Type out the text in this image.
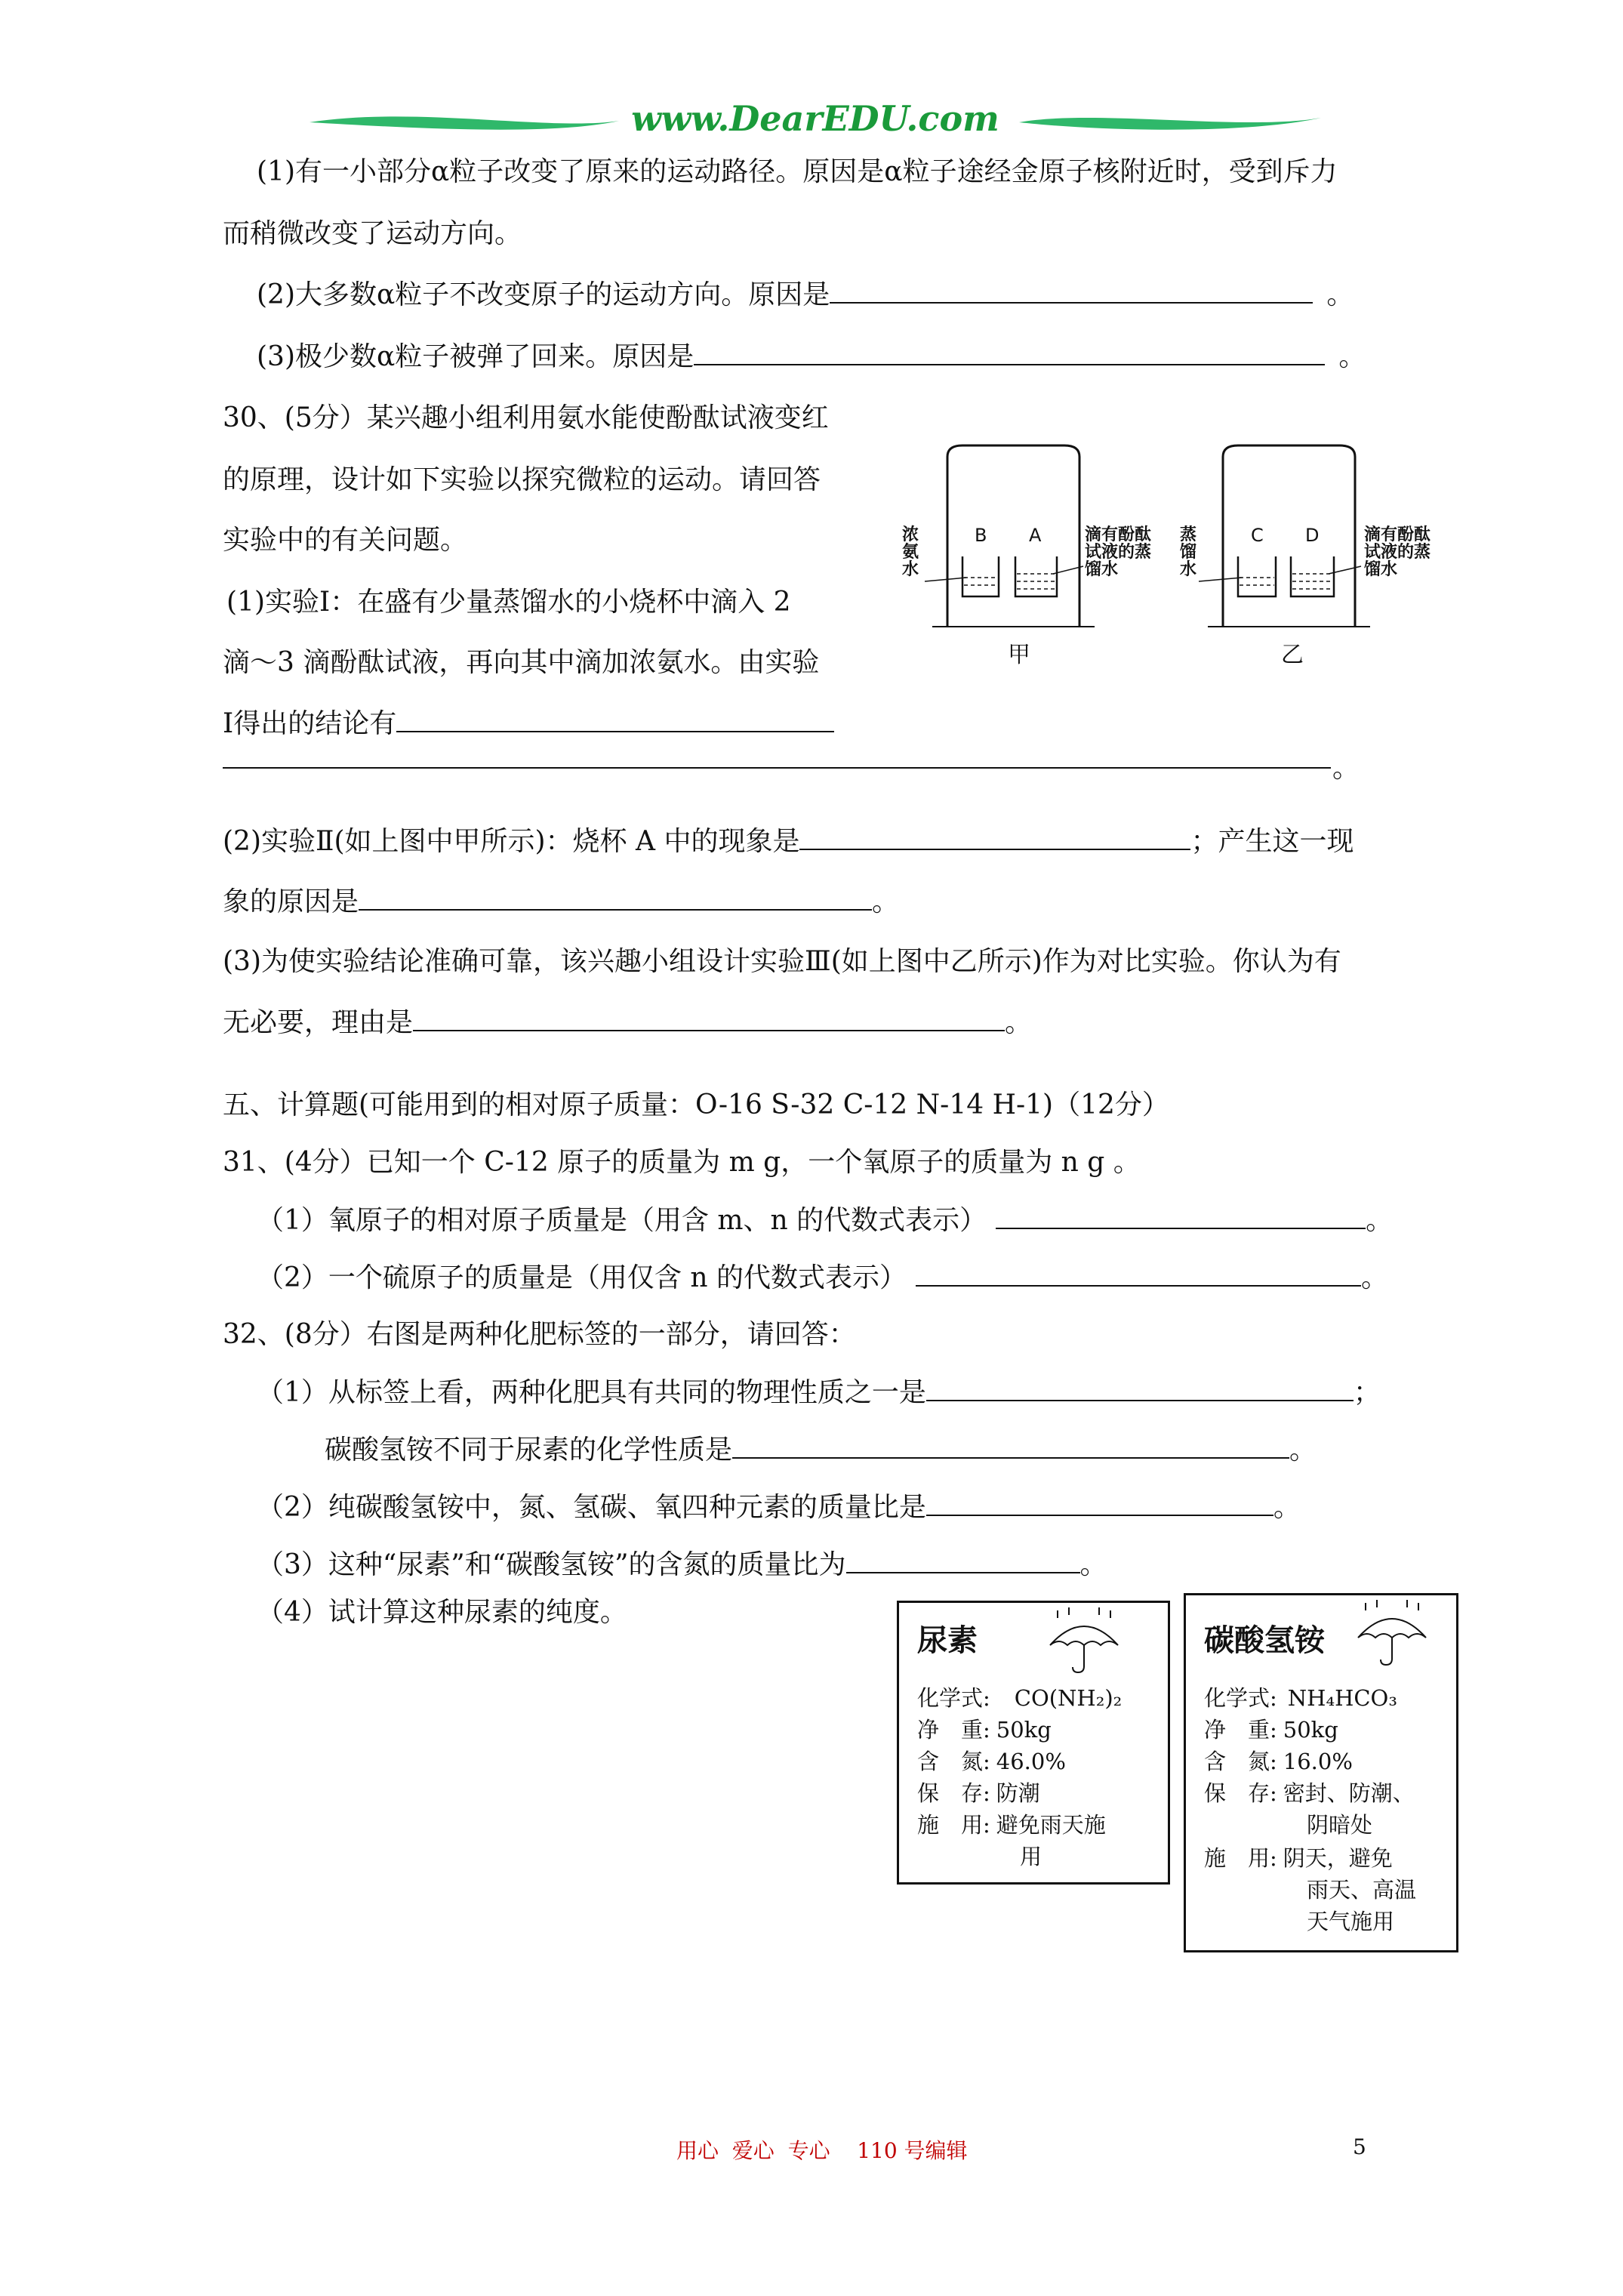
www.DearEDU.com
(1)有一小部分α粒子改变了原来的运动路径。原因是α粒子途经金原子核附近时，受到斥力
而稍微改变了运动方向。
(2)大多数α粒子不改变原子的运动方向。原因是	。
(3)极少数α粒子被弹了回来。原因是	。
30、(5分）某兴趣小组利用氨水能使酚酞试液变红
的原理，设计如下实验以探究微粒的运动。请回答
实验中的有关问题。
(1)实验Ⅰ：在盛有少量蒸馏水的小烧杯中滴入 2
滴～3 滴酚酞试液，再向其中滴加浓氨水。由实验
Ⅰ得出的结论有
。
浓
氨
水
B A	滴有酚酞
试液的蒸
馏水
甲
蒸
馏
水
C D	滴有酚酞
试液的蒸
馏水
乙
(2)实验Ⅱ(如上图中甲所示)：烧杯 A 中的现象是	；产生这一现
象的原因是	。
(3)为使实验结论准确可靠，该兴趣小组设计实验Ⅲ(如上图中乙所示)作为对比实验。你认为有
无必要，理由是	。
五、计算题(可能用到的相对原子质量：O-16 S-32 C-12 N-14 H-1)（12分）
31、(4分）已知一个 C-12 原子的质量为 m g，一个氧原子的质量为 n g 。
（1）氧原子的相对原子质量是（用含 m、n 的代数式表示）	。
（2）一个硫原子的质量是（用仅含 n 的代数式表示）	。
32、(8分）右图是两种化肥标签的一部分，请回答：
（1）从标签上看，两种化肥具有共同的物理性质之一是	；
碳酸氢铵不同于尿素的化学性质是	。
（2）纯碳酸氢铵中，氮、氢碳、氧四种元素的质量比是	。
（3）这种“尿素”和“碳酸氢铵”的含氮的质量比为	。
（4）试计算这种尿素的纯度。
尿素
化学式: CO(NH₂)₂
净　重: 50kg
含　氮: 46.0%
保　存: 防潮
施　用: 避免雨天施
用
碳酸氢铵
化学式: NH₄HCO₃
净　重: 50kg
含　氮: 16.0%
保　存: 密封、防潮、
阴暗处
施　用: 阴天，避免
雨天、高温
天气施用
用心  爱心  专心    110 号编辑	5
